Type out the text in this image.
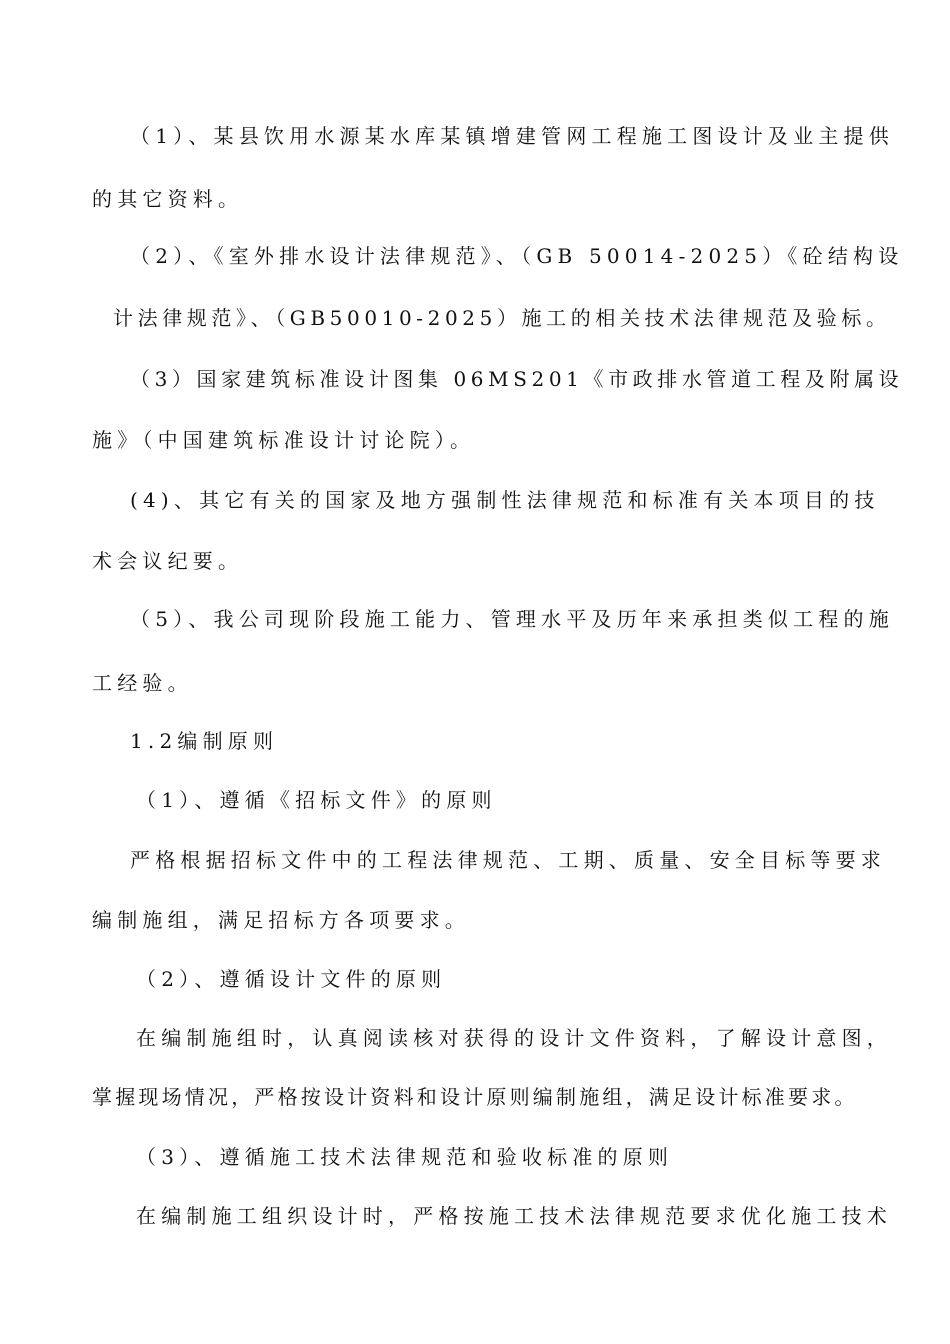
（1）、某县饮用水源某水库某镇增建管网工程施工图设计及业主提供
的其它资料。
（2）、《室外排水设计法律规范》、（GB 50014-2025）《砼结构设
计法律规范》、（GB50010-2025）施工的相关技术法律规范及验标。
（3）国家建筑标准设计图集 06MS201《市政排水管道工程及附属设
施》（中国建筑标准设计讨论院）。
(4)、其它有关的国家及地方强制性法律规范和标准有关本项目的技
术会议纪要。
（5）、我公司现阶段施工能力、管理水平及历年来承担类似工程的施
工经验。
1.2编制原则
（1）、遵循《招标文件》的原则
严格根据招标文件中的工程法律规范、工期、质量、安全目标等要求
编制施组，满足招标方各项要求。
（2）、遵循设计文件的原则
在编制施组时，认真阅读核对获得的设计文件资料，了解设计意图，
掌握现场情况，严格按设计资料和设计原则编制施组，满足设计标准要求。
（3）、遵循施工技术法律规范和验收标准的原则
在编制施工组织设计时，严格按施工技术法律规范要求优化施工技术
